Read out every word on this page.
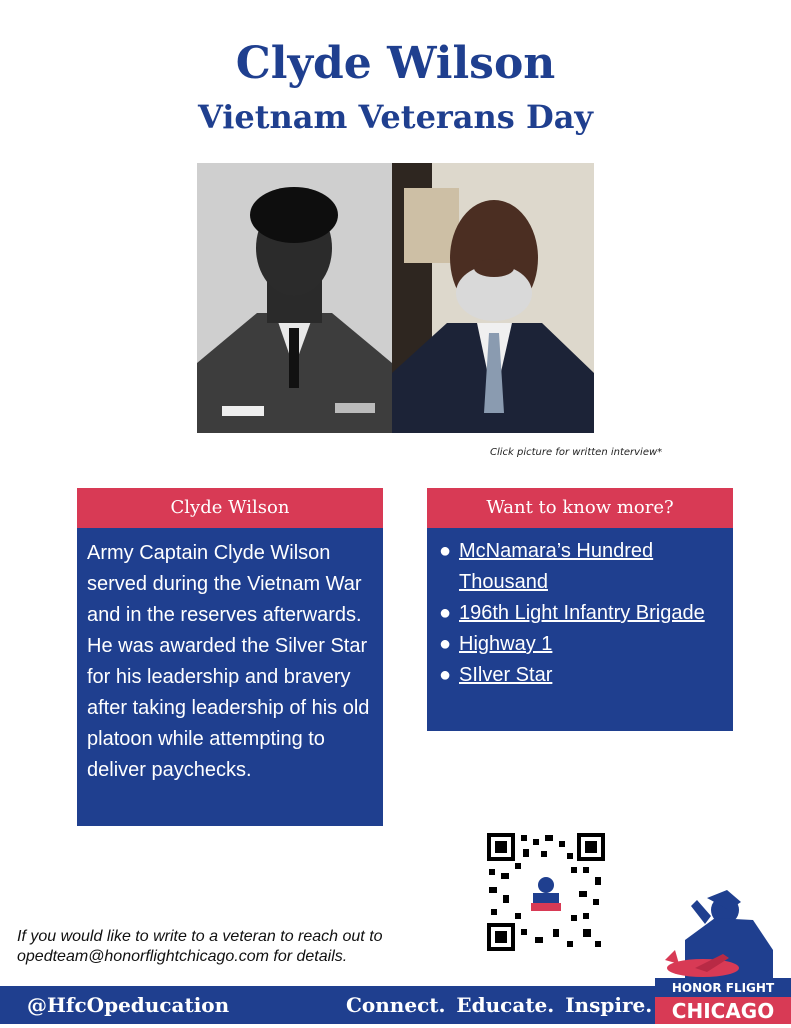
Clyde Wilson
Vietnam Veterans Day
Click picture for written interview*
Clyde Wilson
Army Captain Clyde Wilson served during the Vietnam War and in the reserves afterwards. He was awarded the Silver Star for his leadership and bravery after taking leadership of his old platoon while attempting to deliver paychecks.
Want to know more?
● McNamara’s Hundred Thousand
● 196th Light Infantry Brigade
● Highway 1
● SIlver Star
If you would like to write to a veteran to reach out to
opedteam@honorflightchicago.com for details.
@HfcOpeducation	Connect. Educate. Inspire.
HONOR FLIGHT
CHICAGO
